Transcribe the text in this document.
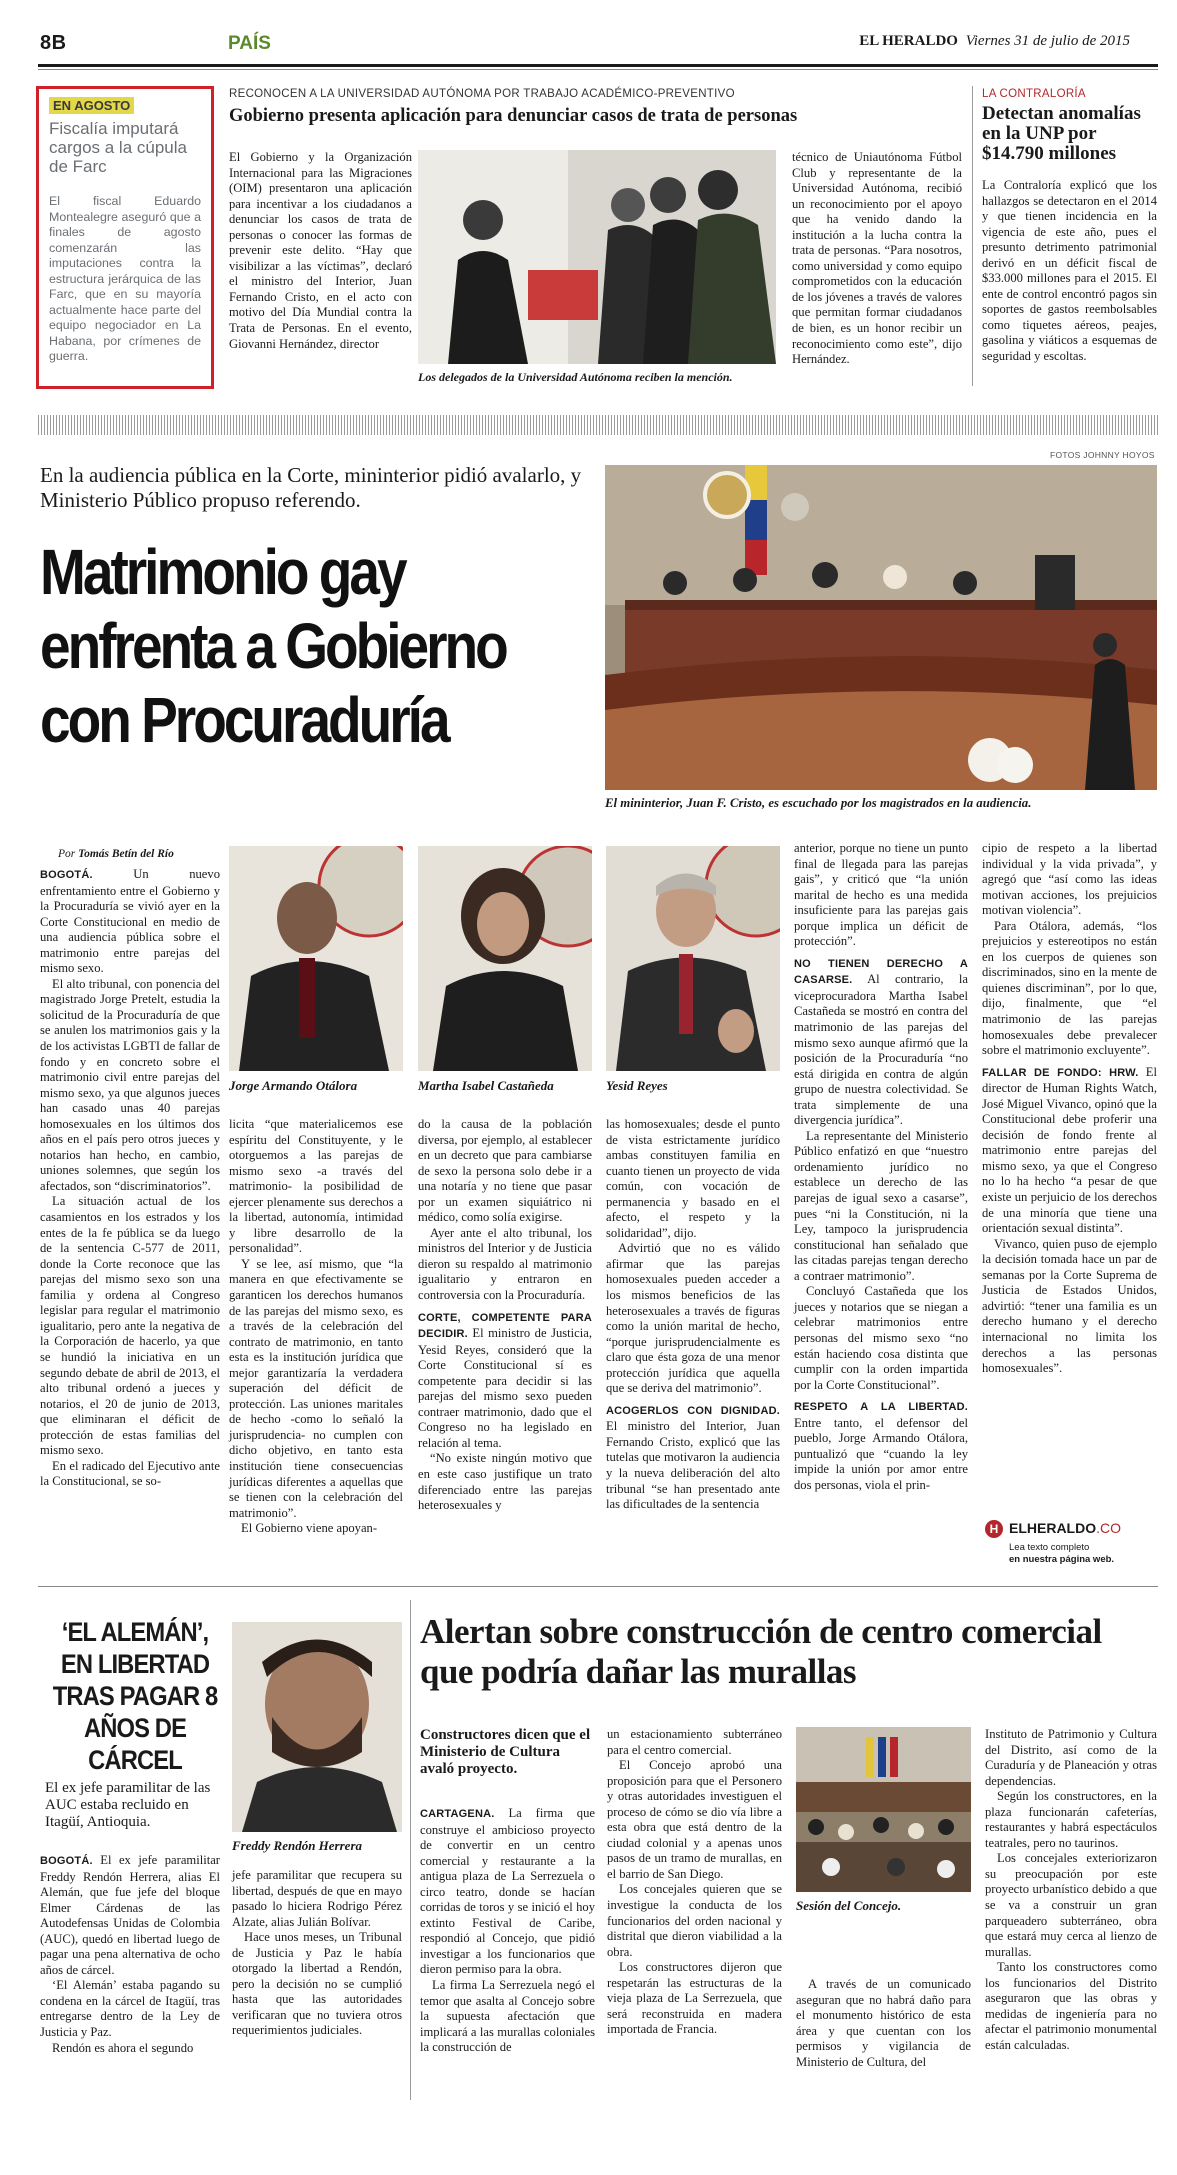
8B	PAÍS	EL HERALDO Viernes 31 de julio de 2015
EN AGOSTO
Fiscalía imputará cargos a la cúpula de Farc
El fiscal Eduardo Montealegre aseguró que a finales de agosto comenzarán las imputaciones contra la estructura jerárquica de las Farc, que en su mayoría actualmente hace parte del equipo negociador en La Habana, por crímenes de guerra.
RECONOCEN A LA UNIVERSIDAD AUTÓNOMA POR TRABAJO ACADÉMICO-PREVENTIVO
Gobierno presenta aplicación para denunciar casos de trata de personas

El Gobierno y la Organización Internacional para las Migraciones (OIM) presentaron una aplicación para incentivar a los ciudadanos a denunciar los casos de trata de personas o conocer las formas de prevenir este delito. “Hay que visibilizar a las víctimas”, declaró el ministro del Interior, Juan Fernando Cristo, en el acto con motivo del Día Mundial contra la Trata de Personas. En el evento, Giovanni Hernández, director

Los delegados de la Universidad Autónoma reciben la mención.

técnico de Uniautónoma Fútbol Club y representante de la Universidad Autónoma, recibió un reconocimiento por el apoyo que ha venido dando la institución a la lucha contra la trata de personas. “Para nosotros, como universidad y como equipo comprometidos con la educación de los jóvenes a través de valores que permitan formar ciudadanos de bien, es un honor recibir un reconocimiento como este”, dijo Hernández.

LA CONTRALORÍA
Detectan anomalías en la UNP por $14.790 millones

La Contraloría explicó que los hallazgos se detectaron en el 2014 y que tienen incidencia en la vigencia de este año, pues el presunto detrimento patrimonial derivó en un déficit fiscal de $33.000 millones para el 2015. El ente de control encontró pagos sin soportes de gastos reembolsables como tiquetes aéreos, peajes, gasolina y viáticos a esquemas de seguridad y escoltas.

FOTOS JOHNNY HOYOS
En la audiencia pública en la Corte, mininterior pidió avalarlo, y Ministerio Público propuso referendo.
Matrimonio gay enfrenta a Gobierno con Procuraduría
El mininterior, Juan F. Cristo, es escuchado por los magistrados en la audiencia.
Por Tomás Betín del Río
Jorge Armando Otálora	Martha Isabel Castañeda	Yesid Reyes

BOGOTÁ.	Un nuevo enfrentamiento entre el Gobierno y la Procuraduría se vivió ayer en la Corte Constitucional en medio de una audiencia pública sobre el matrimonio entre parejas del mismo sexo.

El alto tribunal, con ponencia del magistrado Jorge Pretelt, estudia la solicitud de la Procuraduría de que se anulen los matrimonios gais y la de los activistas LGBTI de fallar de fondo y en concreto sobre el matrimonio civil entre parejas del mismo sexo, ya que algunos jueces han casado unas 40 parejas homosexuales en los últimos dos años en el país pero otros jueces y notarios han hecho, en cambio, uniones solemnes, que según los afectados, son “discriminatorios”.

La situación actual de los casamientos en los estrados y los entes de la fe pública se da luego de la sentencia C-577 de 2011, donde la Corte reconoce que las parejas del mismo sexo son una familia y ordena al Congreso legislar para regular el matrimonio igualitario, pero ante la negativa de la Corporación de hacerlo, ya que se hundió la iniciativa en un segundo debate de abril de 2013, el alto tribunal ordenó a jueces y notarios, el 20 de junio de 2013, que eliminaran el déficit de protección de estas familias del mismo sexo.

En el radicado del Ejecutivo ante la Constitucional, se so-

licita “que materialicemos ese espíritu del Constituyente, y le otorguemos a las parejas de mismo sexo -a través del matrimonio- la posibilidad de ejercer plenamente sus derechos a la libertad, autonomía, intimidad y libre desarrollo de la personalidad”.

Y se lee, así mismo, que “la manera en que efectivamente se garanticen los derechos humanos de las parejas del mismo sexo, es a través de la celebración del contrato de matrimonio, en tanto esta es la institución jurídica que mejor garantizaría la verdadera superación del déficit de protección. Las uniones maritales de hecho -como lo señaló la jurisprudencia- no cumplen con dicho objetivo, en tanto esta institución tiene consecuencias jurídicas diferentes a aquellas que se tienen con la celebración del matrimonio”.

El Gobierno viene apoyan-

do la causa de la población diversa, por ejemplo, al establecer en un decreto que para cambiarse de sexo la persona solo debe ir a una notaría y no tiene que pasar por un examen siquiátrico ni médico, como solía exigirse.

Ayer ante el alto tribunal, los ministros del Interior y de Justicia dieron su respaldo al matrimonio igualitario y entraron en controversia con la Procuraduría.

CORTE, COMPETENTE PARA DECIDIR. El ministro de Justicia, Yesid Reyes, consideró que la Corte Constitucional sí es competente para decidir si las parejas del mismo sexo pueden contraer matrimonio, dado que el Congreso no ha legislado en relación al tema.

“No existe ningún motivo que en este caso justifique un trato diferenciado entre las parejas heterosexuales y

las homosexuales; desde el punto de vista estrictamente jurídico ambas constituyen familia en cuanto tienen un proyecto de vida común, con vocación de permanencia y basado en el afecto, el respeto y la solidaridad”, dijo.

Advirtió que no es válido afirmar que las parejas homosexuales pueden acceder a los mismos beneficios de las heterosexuales a través de figuras como la unión marital de hecho, “porque jurisprudencialmente es claro que ésta goza de una menor protección jurídica que aquella que se deriva del matrimonio”.

ACOGERLOS CON DIGNIDAD. El ministro del Interior, Juan Fernando Cristo, explicó que las tutelas que motivaron la audiencia y la nueva deliberación del alto tribunal “se han presentado ante las dificultades de la sentencia

anterior, porque no tiene un punto final de llegada para las parejas gais”, y criticó que “la unión marital de hecho es una medida insuficiente para las parejas gais porque implica un déficit de protección”.

NO TIENEN DERECHO A CASARSE. Al contrario, la viceprocuradora Martha Isabel Castañeda se mostró en contra del matrimonio de las parejas del mismo sexo aunque afirmó que la posición de la Procuraduría “no está dirigida en contra de algún grupo de nuestra colectividad. Se trata simplemente de una divergencia jurídica”.

La representante del Ministerio Público enfatizó en que “nuestro ordenamiento jurídico no establece un derecho de las parejas de igual sexo a casarse”, pues “ni la Constitución, ni la Ley, tampoco la jurisprudencia constitucional han señalado que las citadas parejas tengan derecho a contraer matrimonio”.

Concluyó Castañeda que los jueces y notarios que se niegan a celebrar matrimonios entre personas del mismo sexo “no están haciendo cosa distinta que cumplir con la orden impartida por la Corte Constitucional”.

RESPETO A LA LIBERTAD. Entre tanto, el defensor del pueblo, Jorge Armando Otálora, puntualizó que “cuando la ley impide la unión por amor entre dos personas, viola el prin-

cipio de respeto a la libertad individual y la vida privada”, y agregó que “así como las ideas motivan acciones, los prejuicios motivan violencia”.

Para Otálora, además, “los prejuicios y estereotipos no están en los cuerpos de quienes son discriminados, sino en la mente de quienes discriminan”, por lo que, dijo, finalmente, que “el matrimonio de las parejas homosexuales debe prevalecer sobre el matrimonio excluyente”.

FALLAR DE FONDO: HRW. El director de Human Rights Watch, José Miguel Vivanco, opinó que la Constitucional debe proferir una decisión de fondo frente al matrimonio entre parejas del mismo sexo, ya que el Congreso no lo ha hecho “a pesar de que existe un perjuicio de los derechos de una minoría que tiene una orientación sexual distinta”.

Vivanco, quien puso de ejemplo la decisión tomada hace un par de semanas por la Corte Suprema de Justicia de Estados Unidos, advirtió: “tener una familia es un derecho humano y el derecho internacional no limita los derechos a las personas homosexuales”.

H ELHERALDO.CO
Lea texto completo
en nuestra página web.
‘EL ALEMÁN’, EN LIBERTAD TRAS PAGAR 8 AÑOS DE CÁRCEL
El ex jefe paramilitar de las AUC estaba recluido en Itagüí, Antioquia.

BOGOTÁ. El ex jefe paramilitar Freddy Rendón Herrera, alias El Alemán, que fue jefe del bloque Elmer Cárdenas de las Autodefensas Unidas de Colombia (AUC), quedó en libertad luego de pagar una pena alternativa de ocho años de cárcel.

‘El Alemán’ estaba pagando su condena en la cárcel de Itagüí, tras entregarse dentro de la Ley de Justicia y Paz.

Rendón es ahora el segundo

Freddy Rendón Herrera

jefe paramilitar que recupera su libertad, después de que en mayo pasado lo hiciera Rodrigo Pérez Alzate, alias Julián Bolívar.

Hace unos meses, un Tribunal de Justicia y Paz le había otorgado la libertad a Rendón, pero la decisión no se cumplió hasta que las autoridades verificaran que no tuviera otros requerimientos judiciales.

Alertan sobre construcción de centro comercial que podría dañar las murallas
Constructores dicen que el Ministerio de Cultura avaló proyecto.

CARTAGENA. La firma que construye el ambicioso proyecto de convertir en un centro comercial y restaurante a la antigua plaza de La Serrezuela o circo teatro, donde se hacían corridas de toros y se inició el hoy extinto Festival de Caribe, respondió al Concejo, que pidió investigar a los funcionarios que dieron permiso para la obra.

La firma La Serrezuela negó el temor que asalta al Concejo sobre la supuesta afectación que implicará a las murallas coloniales la construcción de

un estacionamiento subterráneo para el centro comercial.

El Concejo aprobó una proposición para que el Personero y otras autoridades investiguen el proceso de cómo se dio vía libre a esta obra que está dentro de la ciudad colonial y a apenas unos pasos de un tramo de murallas, en el barrio de San Diego.

Los concejales quieren que se investigue la conducta de los funcionarios del orden nacional y distrital que dieron viabilidad a la obra.

Los constructores dijeron que respetarán las estructuras de la vieja plaza de La Serrezuela, que será reconstruida en madera importada de Francia.

Sesión del Concejo.

A través de un comunicado aseguran que no habrá daño para el monumento histórico de esta área y que cuentan con los permisos y vigilancia de Ministerio de Cultura, del

Instituto de Patrimonio y Cultura del Distrito, así como de la Curaduría y de Planeación y otras dependencias.

Según los constructores, en la plaza funcionarán cafeterías, restaurantes y habrá espectáculos teatrales, pero no taurinos.

Los concejales exteriorizaron su preocupación por este proyecto urbanístico debido a que se va a construir un gran parqueadero subterráneo, obra que estará muy cerca al lienzo de murallas.

Tanto los constructores como los funcionarios del Distrito aseguraron que las obras y medidas de ingeniería para no afectar el patrimonio monumental están calculadas.
